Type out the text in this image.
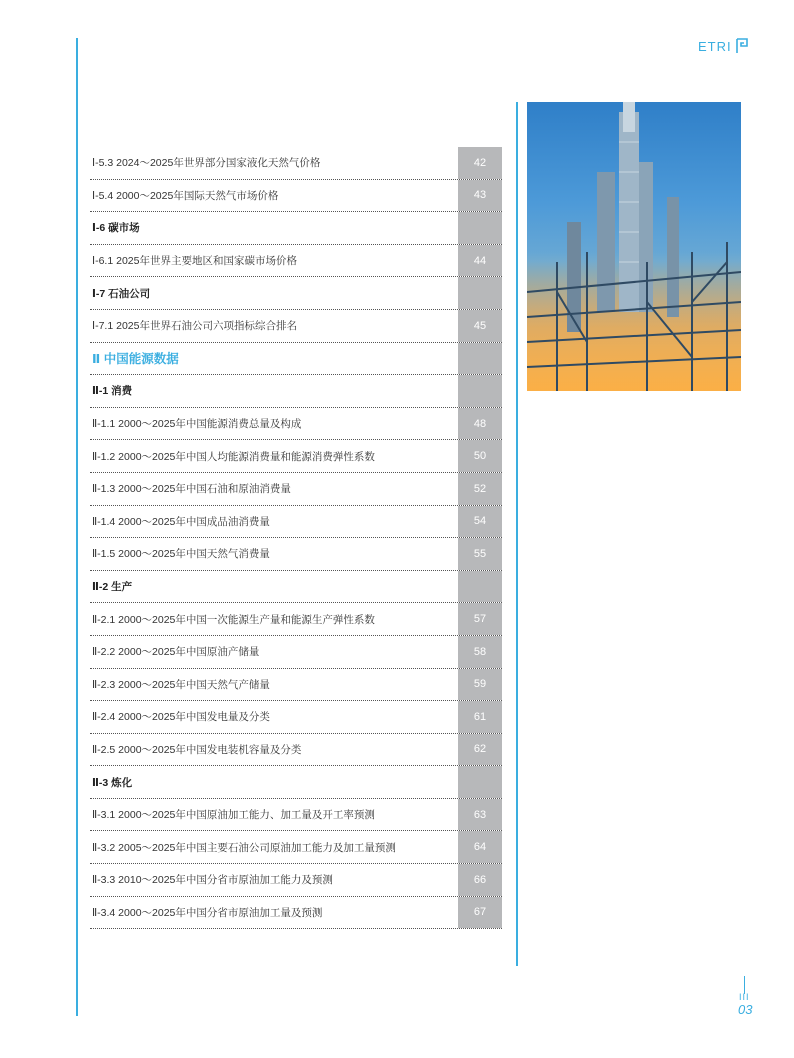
ETRI
Ⅰ-5.3 2024～2025年世界部分国家液化天然气价格	42
Ⅰ-5.4 2000～2025年国际天然气市场价格	43
Ⅰ-6 碳市场
Ⅰ-6.1 2025年世界主要地区和国家碳市场价格	44
Ⅰ-7 石油公司
Ⅰ-7.1 2025年世界石油公司六项指标综合排名	45
Ⅱ 中国能源数据
Ⅱ-1 消费
Ⅱ-1.1 2000～2025年中国能源消费总量及构成	48
Ⅱ-1.2 2000～2025年中国人均能源消费量和能源消费弹性系数	50
Ⅱ-1.3 2000～2025年中国石油和原油消费量	52
Ⅱ-1.4 2000～2025年中国成品油消费量	54
Ⅱ-1.5 2000～2025年中国天然气消费量	55
Ⅱ-2 生产
Ⅱ-2.1 2000～2025年中国一次能源生产量和能源生产弹性系数	57
Ⅱ-2.2 2000～2025年中国原油产储量	58
Ⅱ-2.3 2000～2025年中国天然气产储量	59
Ⅱ-2.4 2000～2025年中国发电量及分类	61
Ⅱ-2.5 2000～2025年中国发电装机容量及分类	62
Ⅱ-3 炼化
Ⅱ-3.1 2000～2025年中国原油加工能力、加工量及开工率预测	63
Ⅱ-3.2 2005～2025年中国主要石油公司原油加工能力及加工量预测	64
Ⅱ-3.3 2010～2025年中国分省市原油加工能力及预测	66
Ⅱ-3.4 2000～2025年中国分省市原油加工量及预测	67
III
03
